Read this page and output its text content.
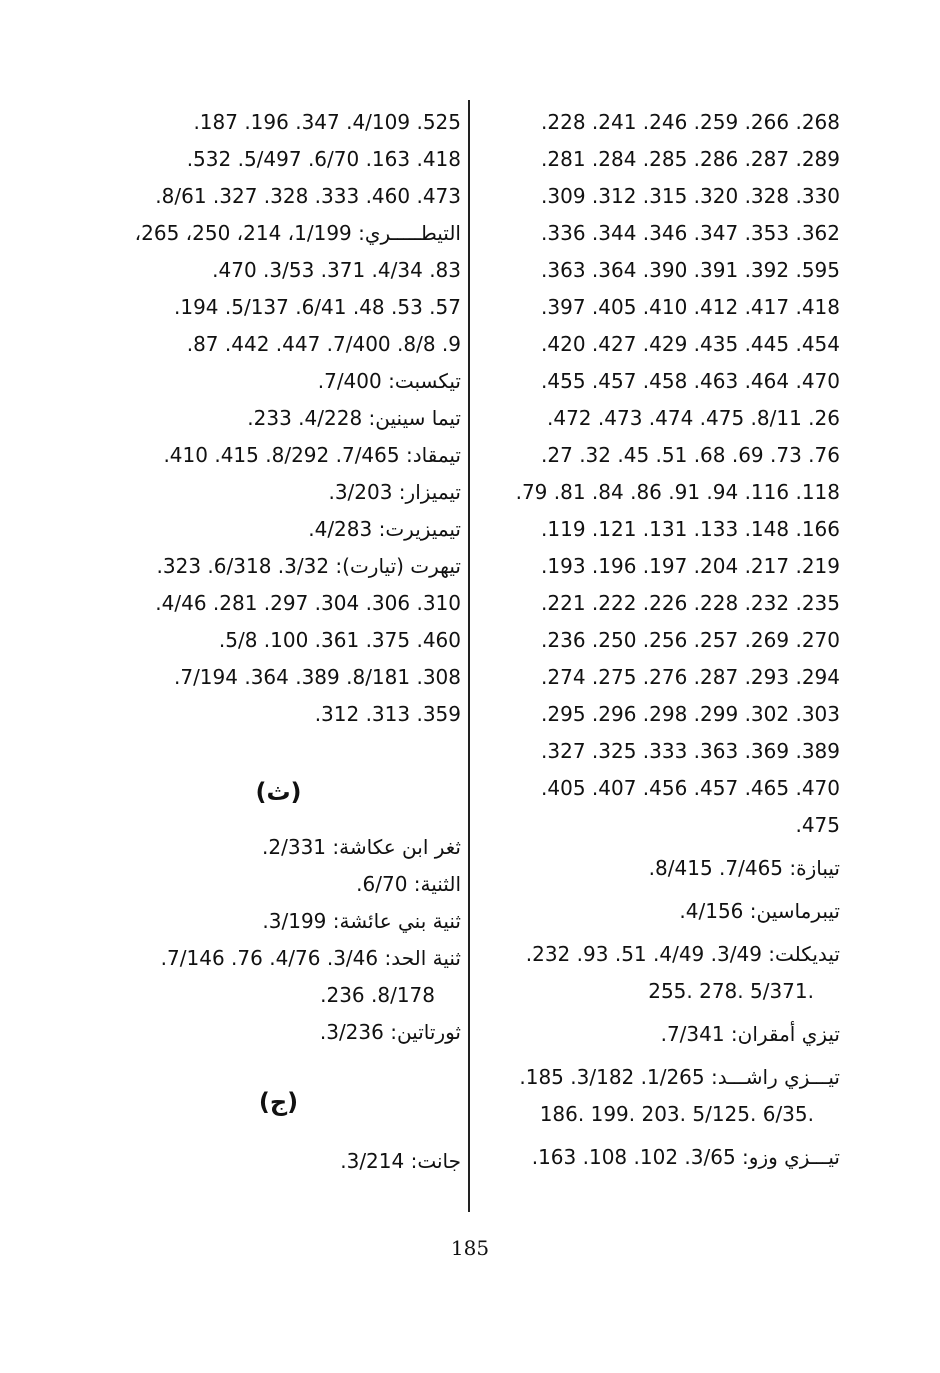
.228 .241 .246 .259 .266 .268
.281 .284 .285 .286 .287 .289
.309 .312 .315 .320 .328 .330
.336 .344 .346 .347 .353 .362
.363 .364 .390 .391 .392 .595
.397 .405 .410 .412 .417 .418
.420 .427 .429 .435 .445 .454
.455 .457 .458 .463 .464 .470
.472 .473 .474 .475 .8/11 .26
.27 .32 .45 .51 .68 .69 .73 .76
.79 .81 .84 .86 .91 .94 .116 .118
.119 .121 .131 .133 .148 .166
.193 .196 .197 .204 .217 .219
.221 .222 .226 .228 .232 .235
.236 .250 .256 .257 .269 .270
.274 .275 .276 .287 .293 .294
.295 .296 .298 .299 .302 .303
.327 .325 .333 .363 .369 .389
.405 .407 .456 .457 .465 .470
.475
تيبازة: 7/465. 8/415.
تيبرماسين: 4/156.
تيديكلت: 3/49. 4/49. 51. 93. 232.
255. 278. 5/371.
تيزي أمقران: 7/341.
تيـــزي راشـــد: 1/265. 3/182. 185.
186. 199. 203. 5/125. 6/35.
تيـــزي وزو: 3/65. 102. 108. 163.
.187 .196 .347 .4/109 .525
.532 .5/497 .6/70 .163 .418
.8/61 .327 .328 .333 .460 .473
التيطـــــري: 1/199، 214، 250، 265،
.470 .3/53 .371 .4/34 .83
.194 .5/137 .6/41 .48 .53 .57
.87 .442 .447 .7/400 .8/8 .9
تيكسبت: 7/400.
تيما سينين: 4/228. 233.
تيمقاد: 7/465. 8/292. 415. 410.
تيميزار: 3/203.
تيميزيرت: 4/283.
تيهرت (تيارت): 3/32. 6/318. 323.
.4/46 .281 .297 .304 .306 .310
.5/8 .100 .361 .375 .460
.7/194 .364 .389 .8/181 .308
.312 .313 .359
(ث)
ثغر ابن عكاشة: 2/331.
الثنية: 6/70.
ثنية بني عائشة: 3/199.
ثنية الحد: 3/46. 4/76. 76. 7/146.
.236 .8/178
ثورتاتين: 3/236.
(ج)
جانت: 3/214.
185
